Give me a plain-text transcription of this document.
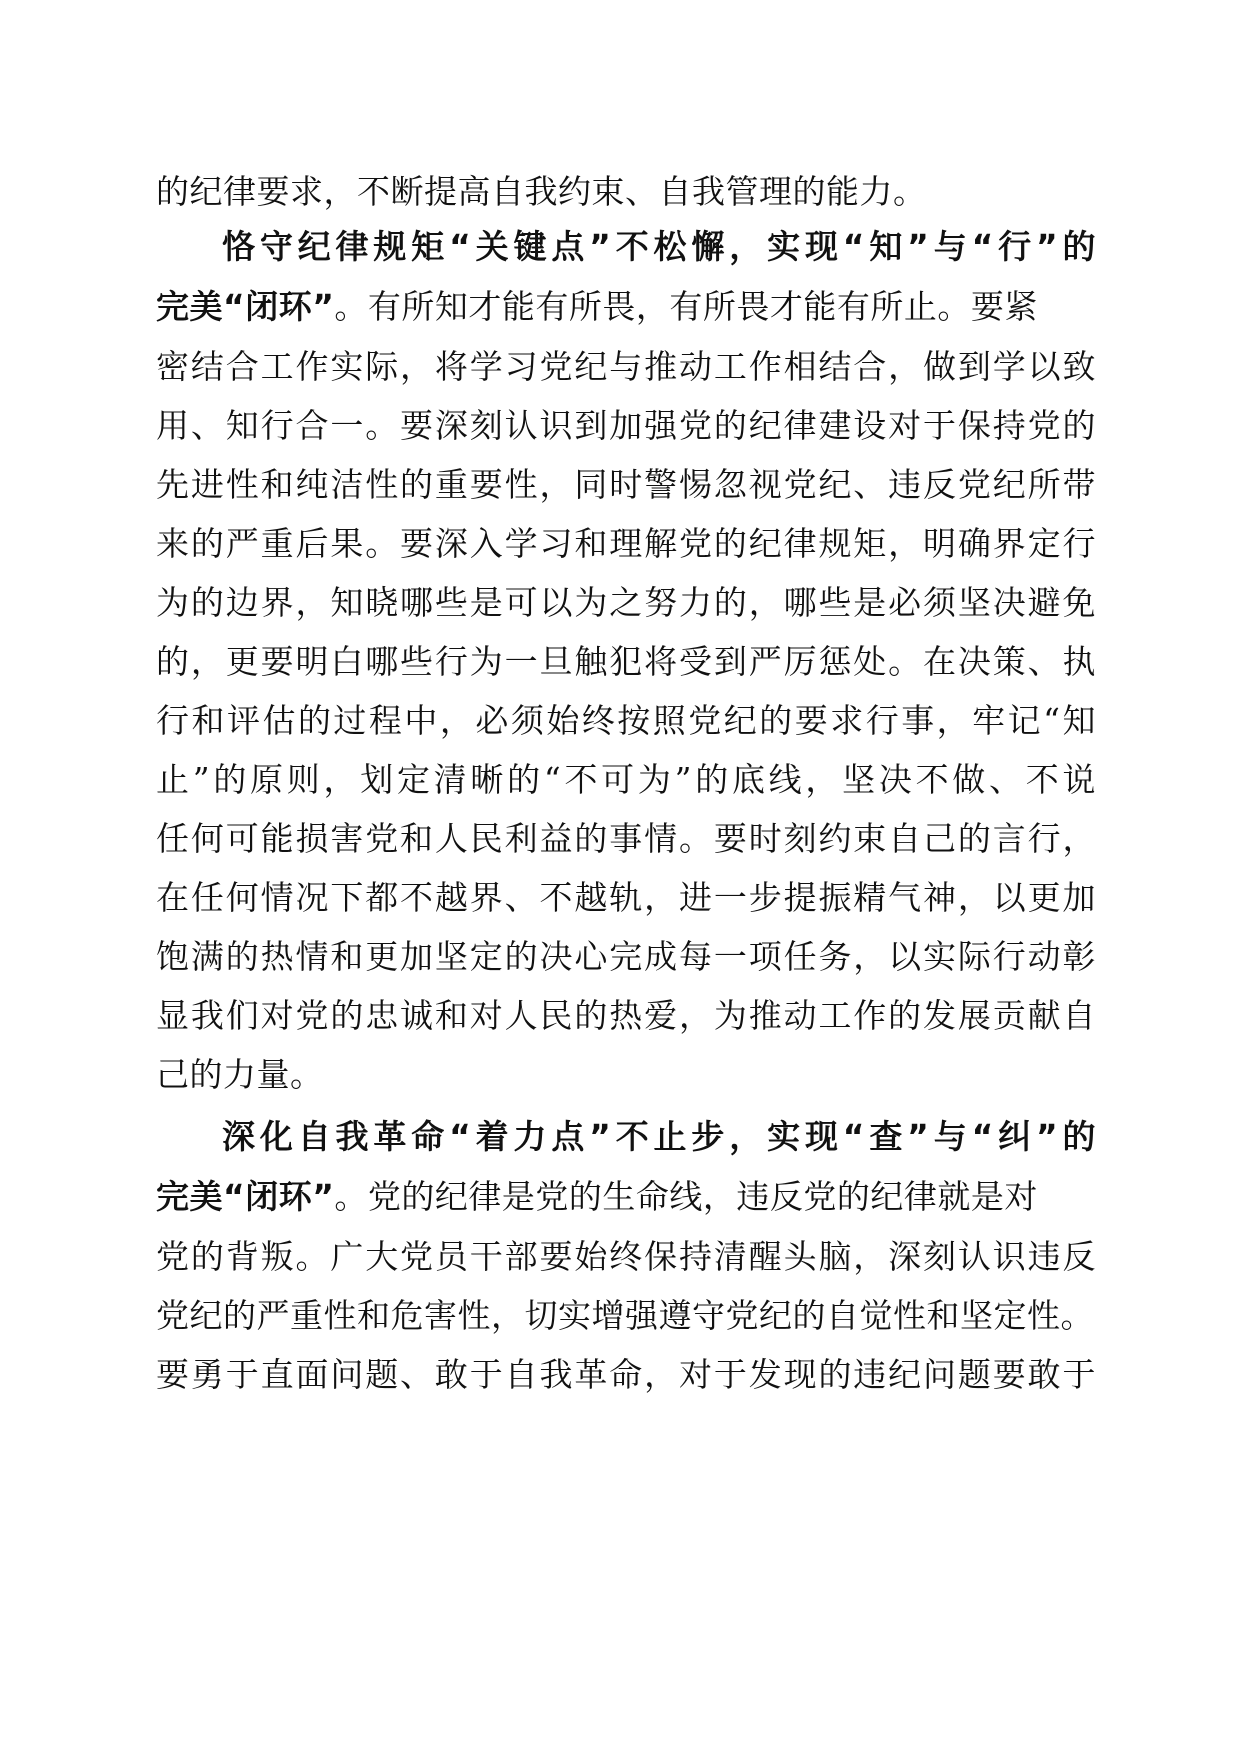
的纪律要求，不断提高自我约束、自我管理的能力。
恪守纪律规矩“关键点”不松懈，实现“知”与“行”的
完美“闭环”。有所知才能有所畏，有所畏才能有所止。要紧
密结合工作实际，将学习党纪与推动工作相结合，做到学以致
用、知行合一。要深刻认识到加强党的纪律建设对于保持党的
先进性和纯洁性的重要性，同时警惕忽视党纪、违反党纪所带
来的严重后果。要深入学习和理解党的纪律规矩，明确界定行
为的边界，知晓哪些是可以为之努力的，哪些是必须坚决避免
的，更要明白哪些行为一旦触犯将受到严厉惩处。在决策、执
行和评估的过程中，必须始终按照党纪的要求行事，牢记“知
止”的原则，划定清晰的“不可为”的底线，坚决不做、不说
任何可能损害党和人民利益的事情。要时刻约束自己的言行，
在任何情况下都不越界、不越轨，进一步提振精气神，以更加
饱满的热情和更加坚定的决心完成每一项任务，以实际行动彰
显我们对党的忠诚和对人民的热爱，为推动工作的发展贡献自
己的力量。
深化自我革命“着力点”不止步，实现“查”与“纠”的
完美“闭环”。党的纪律是党的生命线，违反党的纪律就是对
党的背叛。广大党员干部要始终保持清醒头脑，深刻认识违反
党纪的严重性和危害性，切实增强遵守党纪的自觉性和坚定性。
要勇于直面问题、敢于自我革命，对于发现的违纪问题要敢于
